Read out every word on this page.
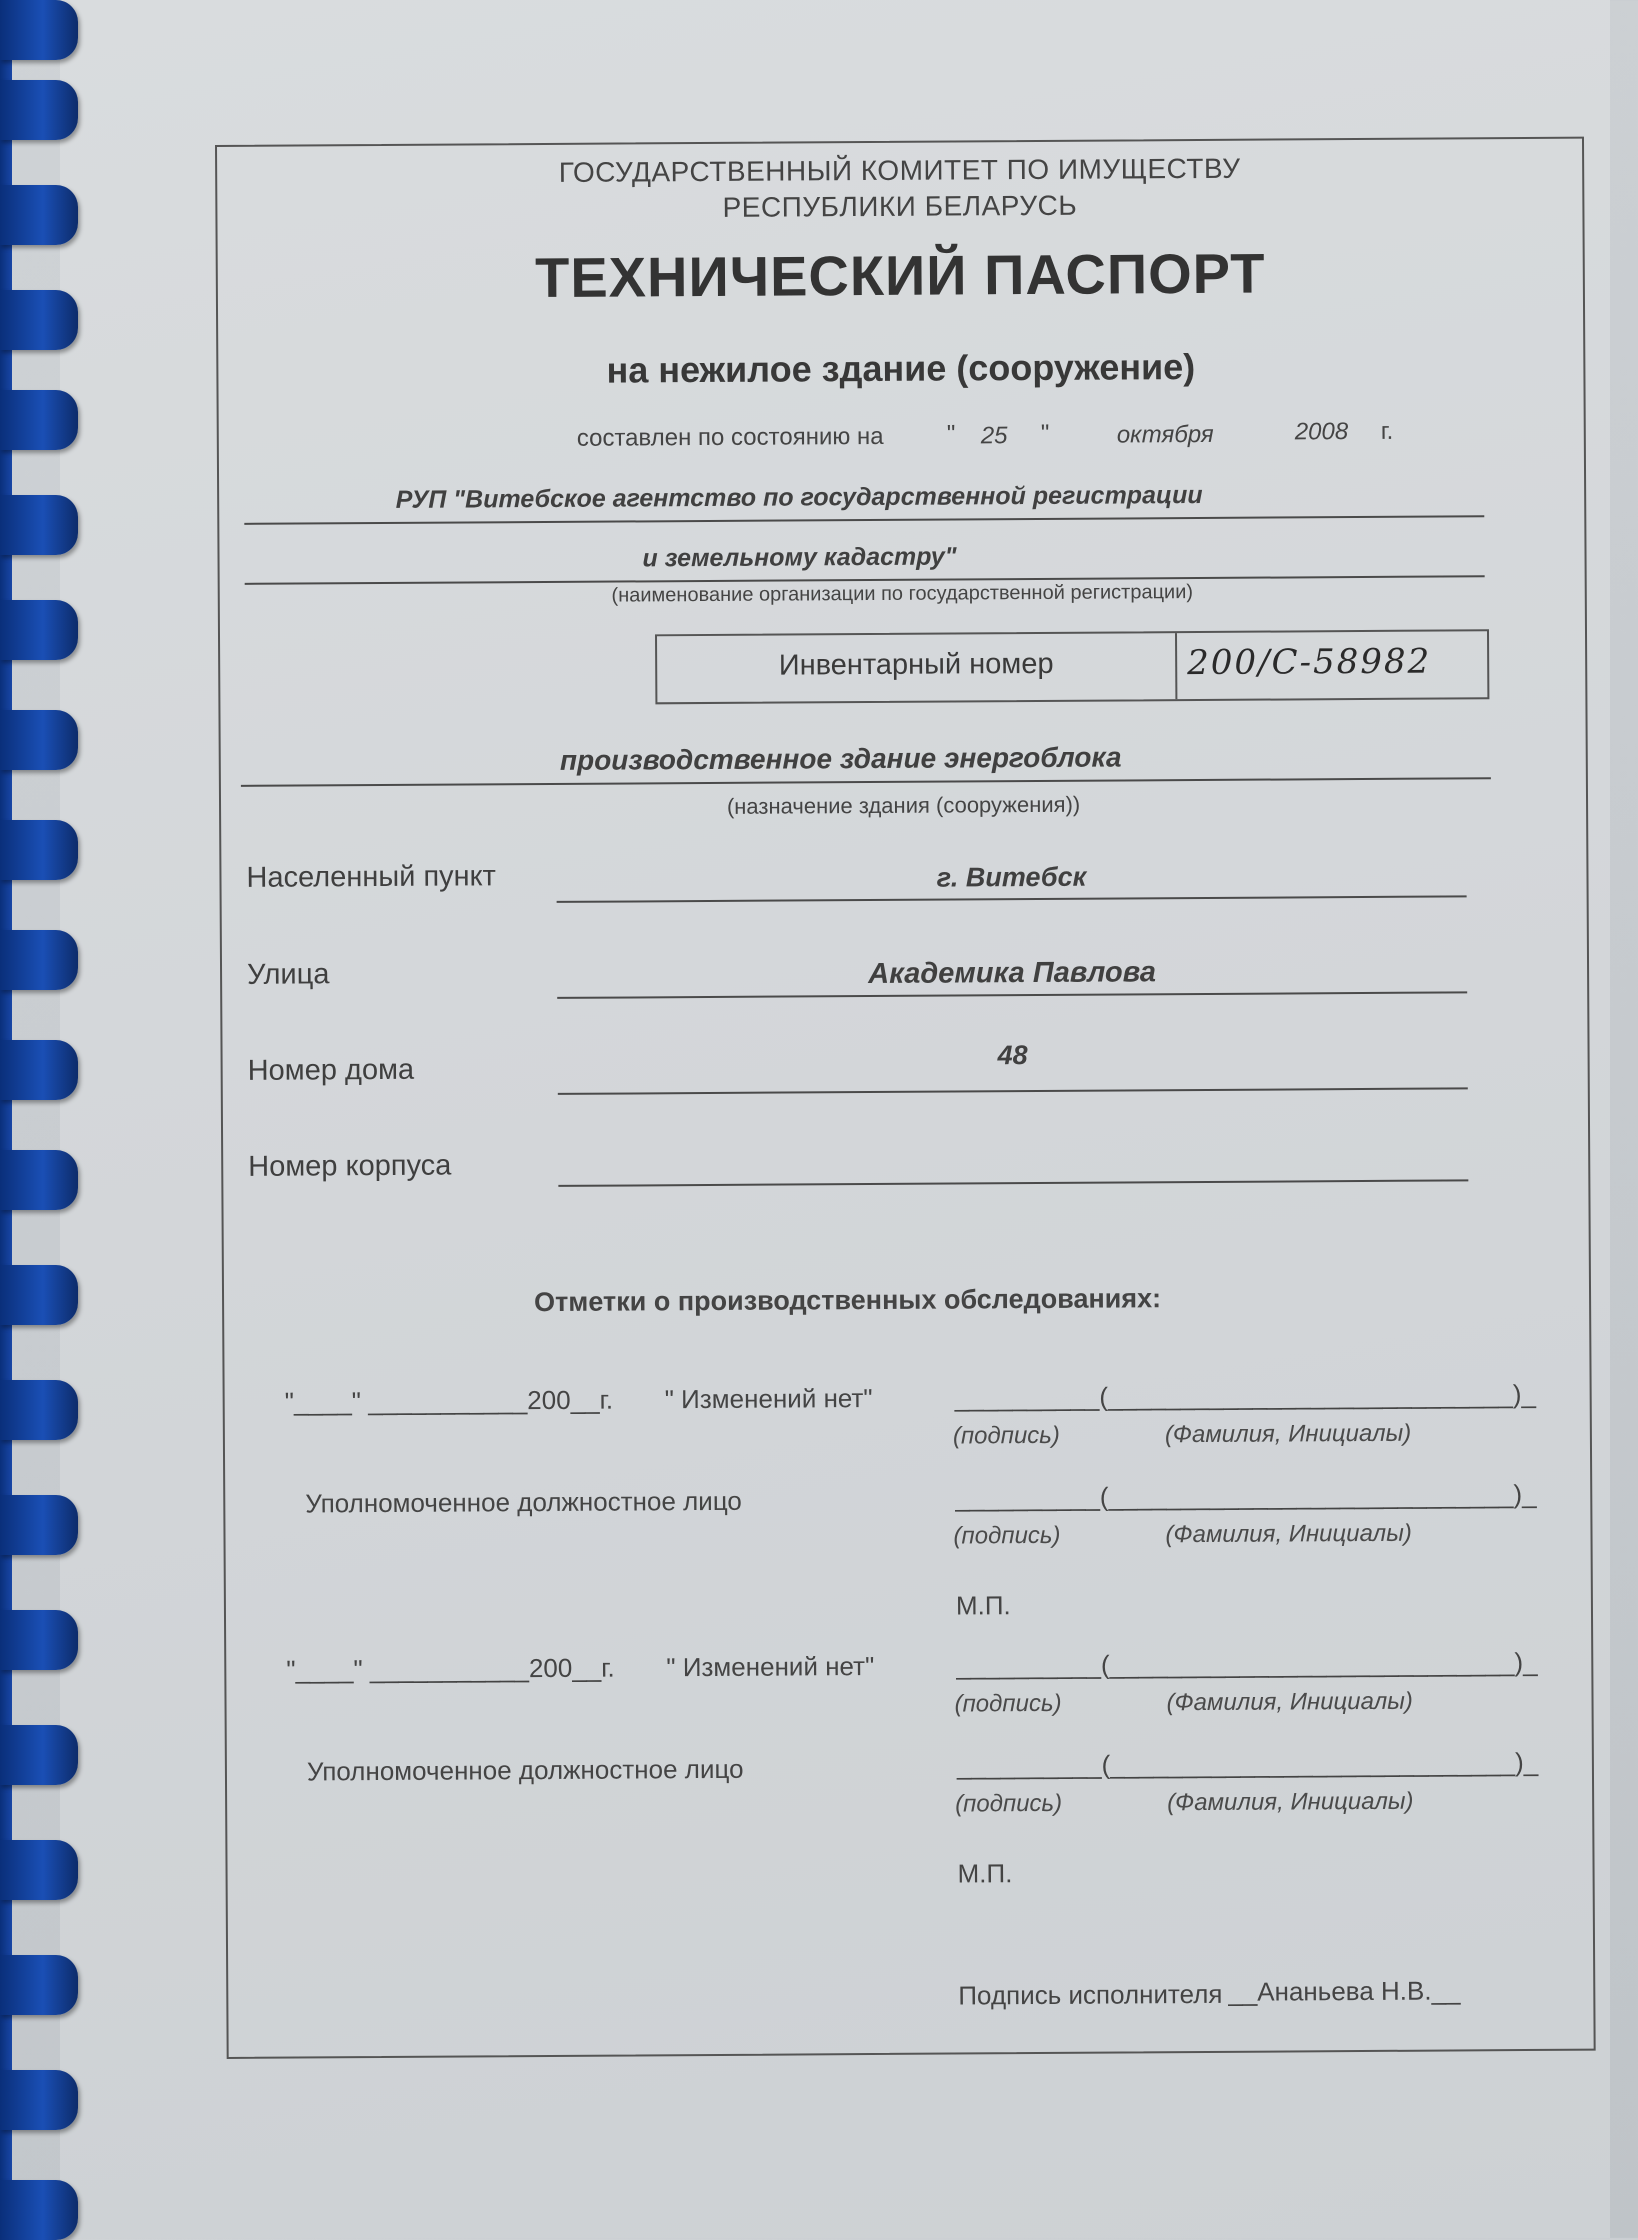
ГОСУДАРСТВЕННЫЙ КОМИТЕТ ПО ИМУЩЕСТВУ
РЕСПУБЛИКИ БЕЛАРУСЬ
ТЕХНИЧЕСКИЙ ПАСПОРТ
на нежилое здание (сооружение)
составлен по состоянию на	" 25 "	октября	2008 г.
РУП "Витебское агентство по государственной регистрации
и земельному кадастру"
(наименование организации по государственной регистрации)
Инвентарный номер	200/С-58982
производственное здание энергоблока
(назначение здания (сооружения))
Населенный пункт	г. Витебск
Улица	Академика Павлова
Номер дома	48
Номер корпуса
Отметки о производственных обследованиях:
"____" ___________200__г. " Изменений нет"	__________(____________________________)_
(подпись)	(Фамилия, Инициалы)
Уполномоченное должностное лицо	__________(____________________________)_
(подпись)	(Фамилия, Инициалы)
М.П.
"____" ___________200__г. " Изменений нет"	__________(____________________________)_
(подпись)	(Фамилия, Инициалы)
Уполномоченное должностное лицо	__________(____________________________)_
(подпись)	(Фамилия, Инициалы)
М.П.
Подпись исполнителя __Ананьева Н.В.__
